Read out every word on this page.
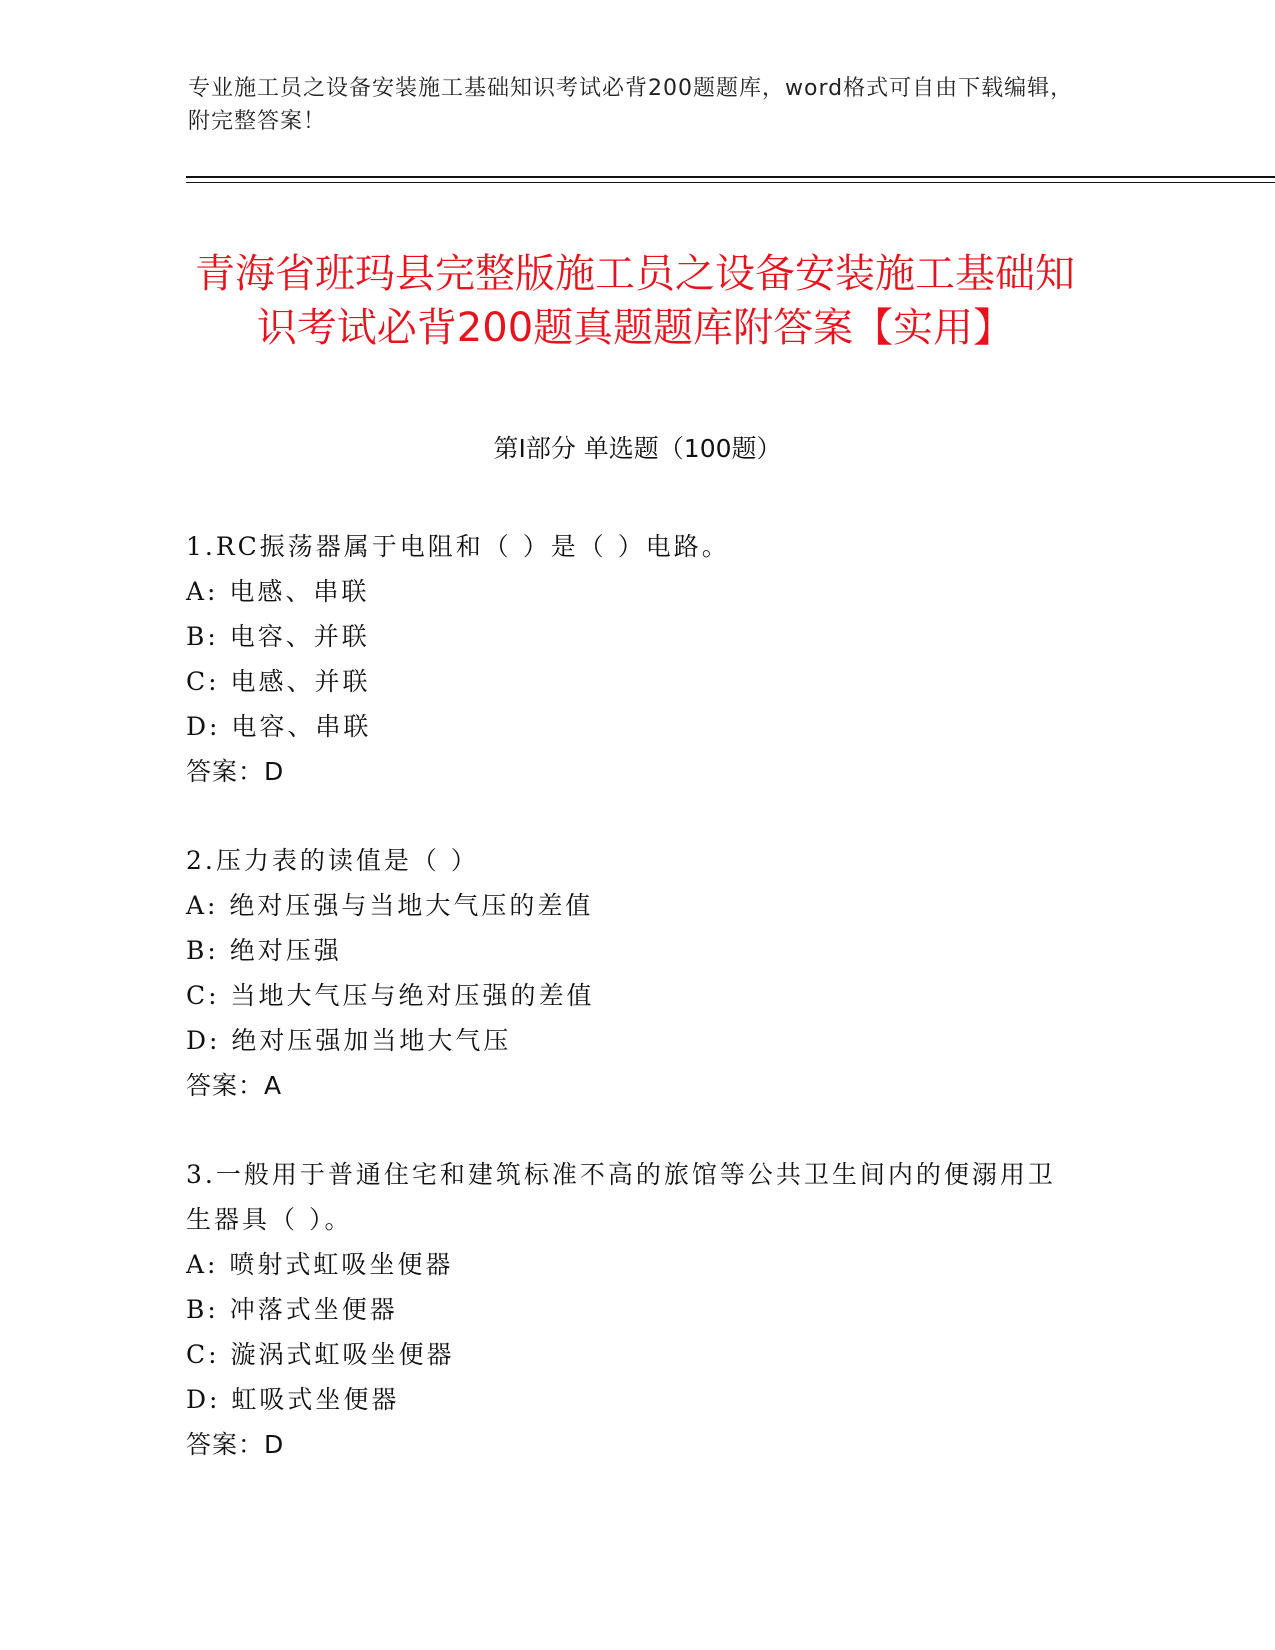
专业施工员之设备安装施工基础知识考试必背200题题库，word格式可自由下载编辑，附完整答案！
青海省班玛县完整版施工员之设备安装施工基础知识考试必背200题真题题库附答案【实用】
第I部分 单选题（100题）
1.RC振荡器属于电阻和（ ）是（ ）电路。
A: 电感、串联
B: 电容、并联
C: 电感、并联
D: 电容、串联
答案：D
2.压力表的读值是（ ）
A: 绝对压强与当地大气压的差值
B: 绝对压强
C: 当地大气压与绝对压强的差值
D: 绝对压强加当地大气压
答案：A
3.一般用于普通住宅和建筑标准不高的旅馆等公共卫生间内的便溺用卫生器具（ ）。
A: 喷射式虹吸坐便器
B: 冲落式坐便器
C: 漩涡式虹吸坐便器
D: 虹吸式坐便器
答案：D
